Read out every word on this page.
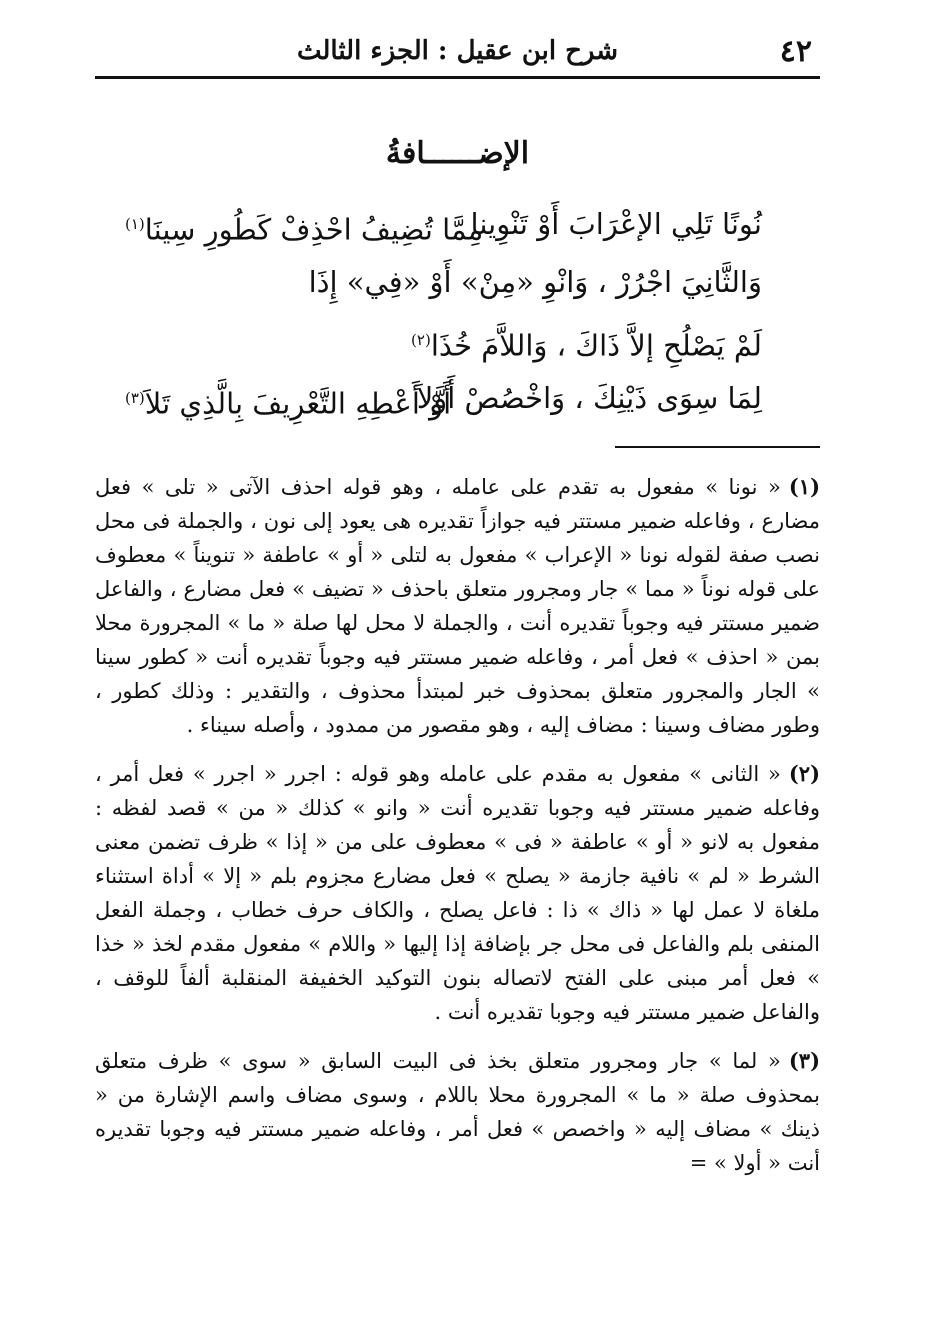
٤٢
شرح ابن عقيل : الجزء الثالث
الإضــــــافةُ
نُونًا تَلِي الإعْرَابَ أَوْ تَنْوِينا
مِمَّا تُضِيفُ احْذِفْ كَطُورِ سِينَا$^{(١)}$
وَالثَّانِيَ اجْرُرْ ، وَانْوِ «مِنْ» أَوْ «فِي» إِذَا
لَمْ يَصْلُحِ إلاَّ ذَاكَ ، وَاللاَّمَ خُذَا$^{(٢)}$
لِمَا سِوَى ذَيْنِكَ ، وَاخْصُصْ أَوَّلاَ
أَوْ أَعْطِهِ التَّعْرِيفَ بِالَّذِي تَلاَ$^{(٣)}$

(١)« نونا » مفعول به تقدم على عامله ، وهو قوله احذف الآتى « تلى » فعل مضارع ، وفاعله ضمير مستتر فيه جوازاً تقديره هى يعود إلى نون ، والجملة فى محل نصب صفة لقوله نونا « الإعراب » مفعول به لتلى « أو » عاطفة « تنويناً » معطوف على قوله نوناً « مما » جار ومجرور متعلق باحذف « تضيف » فعل مضارع ، والفاعل ضمير مستتر فيه وجوباً تقديره أنت ، والجملة لا محل لها صلة « ما » المجرورة محلا بمن « احذف » فعل أمر ، وفاعله ضمير مستتر فيه وجوباً تقديره أنت « كطور سينا » الجار والمجرور متعلق بمحذوف خبر لمبتدأ محذوف ، والتقدير : وذلك كطور ، وطور مضاف وسينا : مضاف إليه ، وهو مقصور من ممدود ، وأصله سيناء .

(٢)« الثانى » مفعول به مقدم على عامله وهو قوله : اجرر « اجرر » فعل أمر ، وفاعله ضمير مستتر فيه وجوبا تقديره أنت « وانو » كذلك « من » قصد لفظه : مفعول به لانو « أو » عاطفة « فى » معطوف على من « إذا » ظرف تضمن معنى الشرط « لم » نافية جازمة « يصلح » فعل مضارع مجزوم بلم « إلا » أداة استثناء ملغاة لا عمل لها « ذاك » ذا : فاعل يصلح ، والكاف حرف خطاب ، وجملة الفعل المنفى بلم والفاعل فى محل جر بإضافة إذا إليها « واللام » مفعول مقدم لخذ « خذا » فعل أمر مبنى على الفتح لاتصاله بنون التوكيد الخفيفة المنقلبة ألفاً للوقف ، والفاعل ضمير مستتر فيه وجوبا تقديره أنت .

(٣)« لما » جار ومجرور متعلق بخذ فى البيت السابق « سوى » ظرف متعلق بمحذوف صلة « ما » المجرورة محلا باللام ، وسوى مضاف واسم الإشارة من « ذينك » مضاف إليه « واخصص » فعل أمر ، وفاعله ضمير مستتر فيه وجوبا تقديره أنت « أولا » =
